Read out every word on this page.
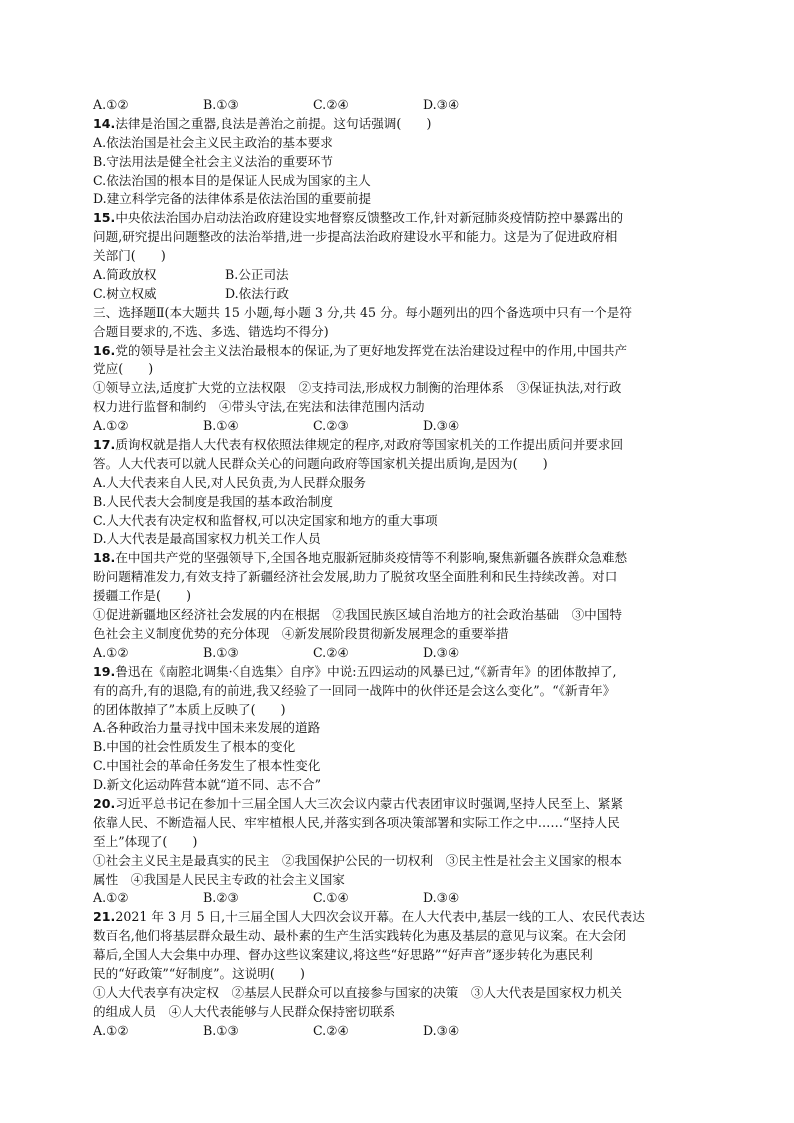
A.①②	B.①③	C.②④	D.③④
14.法律是治国之重器,良法是善治之前提。这句话强调(　　)
A.依法治国是社会主义民主政治的基本要求
B.守法用法是健全社会主义法治的重要环节
C.依法治国的根本目的是保证人民成为国家的主人
D.建立科学完备的法律体系是依法治国的重要前提
15.中央依法治国办启动法治政府建设实地督察反馈整改工作,针对新冠肺炎疫情防控中暴露出的
问题,研究提出问题整改的法治举措,进一步提高法治政府建设水平和能力。这是为了促进政府相
关部门(　　)
A.简政放权	B.公正司法
C.树立权威	D.依法行政
三、选择题Ⅱ(本大题共 15 小题,每小题 3 分,共 45 分。每小题列出的四个备选项中只有一个是符
合题目要求的,不选、多选、错选均不得分)
16.党的领导是社会主义法治最根本的保证,为了更好地发挥党在法治建设过程中的作用,中国共产
党应(　　)
①领导立法,适度扩大党的立法权限　②支持司法,形成权力制衡的治理体系　③保证执法,对行政
权力进行监督和制约　④带头守法,在宪法和法律范围内活动
A.①②	B.①④	C.②③	D.③④
17.质询权就是指人大代表有权依照法律规定的程序,对政府等国家机关的工作提出质问并要求回
答。人大代表可以就人民群众关心的问题向政府等国家机关提出质询,是因为(　　)
A.人大代表来自人民,对人民负责,为人民群众服务
B.人民代表大会制度是我国的基本政治制度
C.人大代表有决定权和监督权,可以决定国家和地方的重大事项
D.人大代表是最高国家权力机关工作人员
18.在中国共产党的坚强领导下,全国各地克服新冠肺炎疫情等不利影响,聚焦新疆各族群众急难愁
盼问题精准发力,有效支持了新疆经济社会发展,助力了脱贫攻坚全面胜利和民生持续改善。对口
援疆工作是(　　)
①促进新疆地区经济社会发展的内在根据　②我国民族区域自治地方的社会政治基础　③中国特
色社会主义制度优势的充分体现　④新发展阶段贯彻新发展理念的重要举措
A.①②	B.①③	C.②④	D.③④
19.鲁迅在《南腔北调集·〈自选集〉自序》中说:五四运动的风暴已过,“《新青年》的团体散掉了,
有的高升,有的退隐,有的前进,我又经验了一回同一战阵中的伙伴还是会这么变化”。“《新青年》
的团体散掉了”本质上反映了(　　)
A.各种政治力量寻找中国未来发展的道路
B.中国的社会性质发生了根本的变化
C.中国社会的革命任务发生了根本性变化
D.新文化运动阵营本就“道不同、志不合”
20.习近平总书记在参加十三届全国人大三次会议内蒙古代表团审议时强调,坚持人民至上、紧紧
依靠人民、不断造福人民、牢牢植根人民,并落实到各项决策部署和实际工作之中……“坚持人民
至上”体现了(　　)
①社会主义民主是最真实的民主　②我国保护公民的一切权利　③民主性是社会主义国家的根本
属性　④我国是人民民主专政的社会主义国家
A.①②	B.②③	C.①④	D.③④
21.2021 年 3 月 5 日,十三届全国人大四次会议开幕。在人大代表中,基层一线的工人、农民代表达
数百名,他们将基层群众最生动、最朴素的生产生活实践转化为惠及基层的意见与议案。在大会闭
幕后,全国人大会集中办理、督办这些议案建议,将这些“好思路”“好声音”逐步转化为惠民利
民的“好政策”“好制度”。这说明(　　)
①人大代表享有决定权　②基层人民群众可以直接参与国家的决策　③人大代表是国家权力机关
的组成人员　④人大代表能够与人民群众保持密切联系
A.①②	B.①③	C.②④	D.③④
